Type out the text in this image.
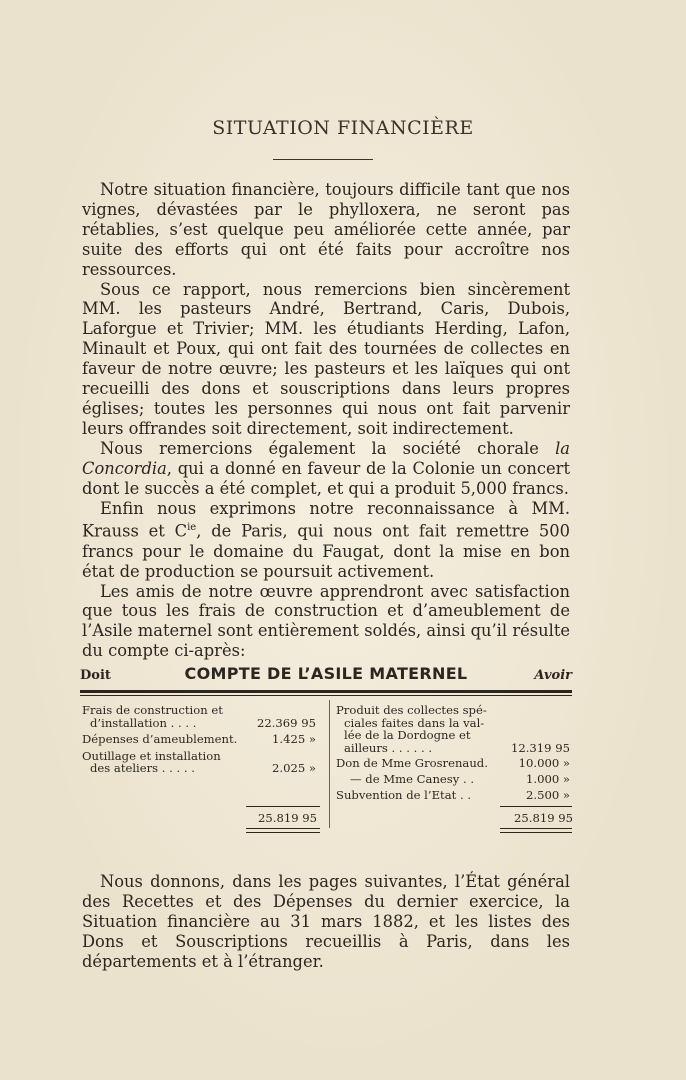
SITUATION FINANCIÈRE

Notre situation financière, toujours difficile tant que nos vignes, dévastées par le phylloxera, ne seront pas rétablies, s’est quelque peu améliorée cette année, par suite des efforts qui ont été faits pour accroître nos ressources.

Sous ce rapport, nous remercions bien sincèrement MM. les pasteurs André, Bertrand, Caris, Dubois, Laforgue et Trivier; MM. les étudiants Herding, Lafon, Minault et Poux, qui ont fait des tournées de collectes en faveur de notre œuvre; les pasteurs et les laïques qui ont recueilli des dons et souscriptions dans leurs propres églises; toutes les personnes qui nous ont fait parvenir leurs offrandes soit directement, soit indirectement.

Nous remercions également la société chorale la Concordia, qui a donné en faveur de la Colonie un concert dont le succès a été complet, et qui a produit 5,000 francs.

Enfin nous exprimons notre reconnaissance à MM. Krauss et $C^{ie}$, de Paris, qui nous ont fait remettre 500 francs pour le domaine du Faugat, dont la mise en bon état de production se poursuit activement.

Les amis de notre œuvre apprendront avec satisfaction que tous les frais de construction et d’ameublement de l’Asile maternel sont entièrement soldés, ainsi qu’il résulte du compte ci-après:

Doit	COMPTE DE L’ASILE MATERNEL	Avoir
Frais de construction et
d’installation . . . .	22.369 95
Dépenses d’ameublement.	1.425 »
Outillage et installation
des ateliers . . . . .	2.025 »
Produit des collectes spé-
ciales faites dans la val-
lée de la Dordogne et
ailleurs . . . . . .	12.319 95
Don de Mme Grosrenaud.	10.000 »
— de Mme Canesy . .	1.000 »
Subvention de l’Etat . .	2.500 »
25.819 95	25.819 95

Nous donnons, dans les pages suivantes, l’État général des Recettes et des Dépenses du dernier exercice, la Situation financière au 31 mars 1882, et les listes des Dons et Souscriptions recueillis à Paris, dans les départements et à l’étranger.
